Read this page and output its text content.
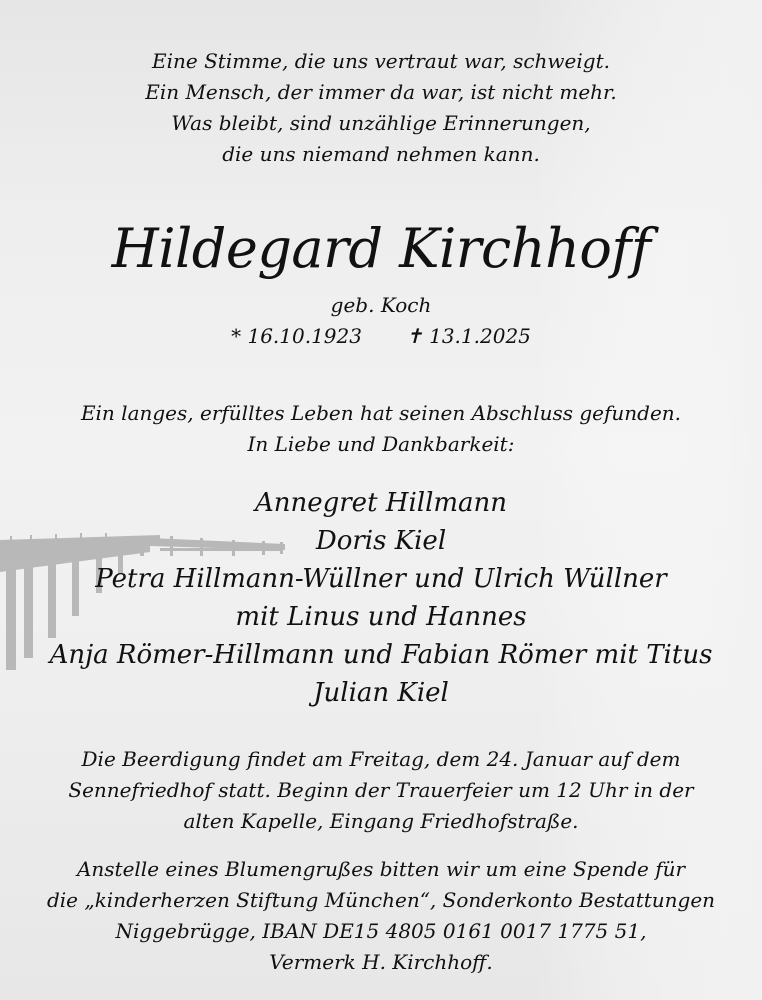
Eine Stimme, die uns vertraut war, schweigt.
Ein Mensch, der immer da war, ist nicht mehr.
Was bleibt, sind unzählige Erinnerungen,
die uns niemand nehmen kann.
Hildegard Kirchhoff
geb. Koch
* 16.10.1923 ✝ 13.1.2025
Ein langes, erfülltes Leben hat seinen Abschluss gefunden.
In Liebe und Dankbarkeit:
Annegret Hillmann
Doris Kiel
Petra Hillmann-Wüllner und Ulrich Wüllner
mit Linus und Hannes
Anja Römer-Hillmann und Fabian Römer mit Titus
Julian Kiel
Die Beerdigung findet am Freitag, dem 24. Januar auf dem
Sennefriedhof statt. Beginn der Trauerfeier um 12 Uhr in der
alten Kapelle, Eingang Friedhofstraße.
Anstelle eines Blumengrußes bitten wir um eine Spende für
die „kinderherzen Stiftung München“, Sonderkonto Bestattungen
Niggebrügge, IBAN DE15 4805 0161 0017 1775 51,
Vermerk H. Kirchhoff.
